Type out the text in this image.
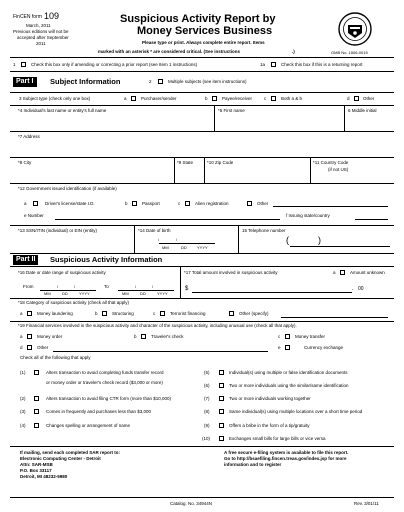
FinCEN form 109
March, 2011
Previous editions will not be
accepted after September
2011
Suspicious Activity Report by
Money Services Business
Please type or print. Always complete entire report. Items
marked with an asterisk * are considered critical. (See instructions	.)	OMB No. 1506-0015
1	Check this box only if amending or correcting a prior report (see Item 1 instructions)	1a	Check this box if this is a returning report
Part I	Subject Information	2	Multiple subjects (see item instructions)
3 Subject type (check only one box)	a	Purchaser/sender	b	Payee/receiver	c	Both a & b	d	Other
*4 Individual's last name or entity's full name	*5 First name	6 Middle initial
*7 Address
*8 City	*9 State	*10 Zip Code	*11 Country Code
(if not US)
*12 Government issued identification (if available)
a	Driver's license/state I.D.	b	Passport	c	Alien registration	Other
e Number	f Issuing state/country
*13 SSN/ITIN (individual) or EIN (entity)	*14 Date of birth
/	/
MM	DD	YYYY
15 Telephone number
(	)
Part II	Suspicious Activity Information
*16 Date or date range of suspicious activity
From	/	/
MM	DD	YYYY
To	/	/
MM	DD	YYYY
*17 Total amount involved in suspicious activity	a	Amount unknown
$	. 00
*18 Category of suspicious activity (check all that apply)
a	Money laundering	b	Structuring	c	Terrorist financing	Other (specify)
*19 Financial services involved in the suspicious activity and character of the suspicious activity, including unusual use (check all that apply).
a	Money order	b	Traveler's check	c	Money transfer
d	Other	e	Currency exchange
Check all of the following that apply
(1)	Alters transaction to avoid completing funds transfer record
or money order or traveler's check record ($3,000 or more)
(2)	Alters transaction to avoid filing CTR form (more than $10,000)
(3)	Comes in frequently and purchases less than $3,000
(4)	Changes spelling or arrangement of name
(5)	Individual(s) using multiple or false identification documents
(6)	Two or more individuals using the similar/same identification
(7)	Two or more individuals working together
(8)	Same individual(s) using multiple locations over a short time period
(9)	Offers a bribe in the form of a tip/gratuity
(10)	Exchanges small bills for large bills or vice versa
If mailing, send each completed SAR report to:
Electronic Computing Center - Detroit
Attn: SAR-MSB
P.O. Box 33117
Detroit, MI 48232-5980
A free secure e-filing system is available to file this report.
Go to http://bsaefiling.fincen.treas.gov/index.jsp for more
information and to register
Catalog. No. 34944N	Rev. 3/01/11
